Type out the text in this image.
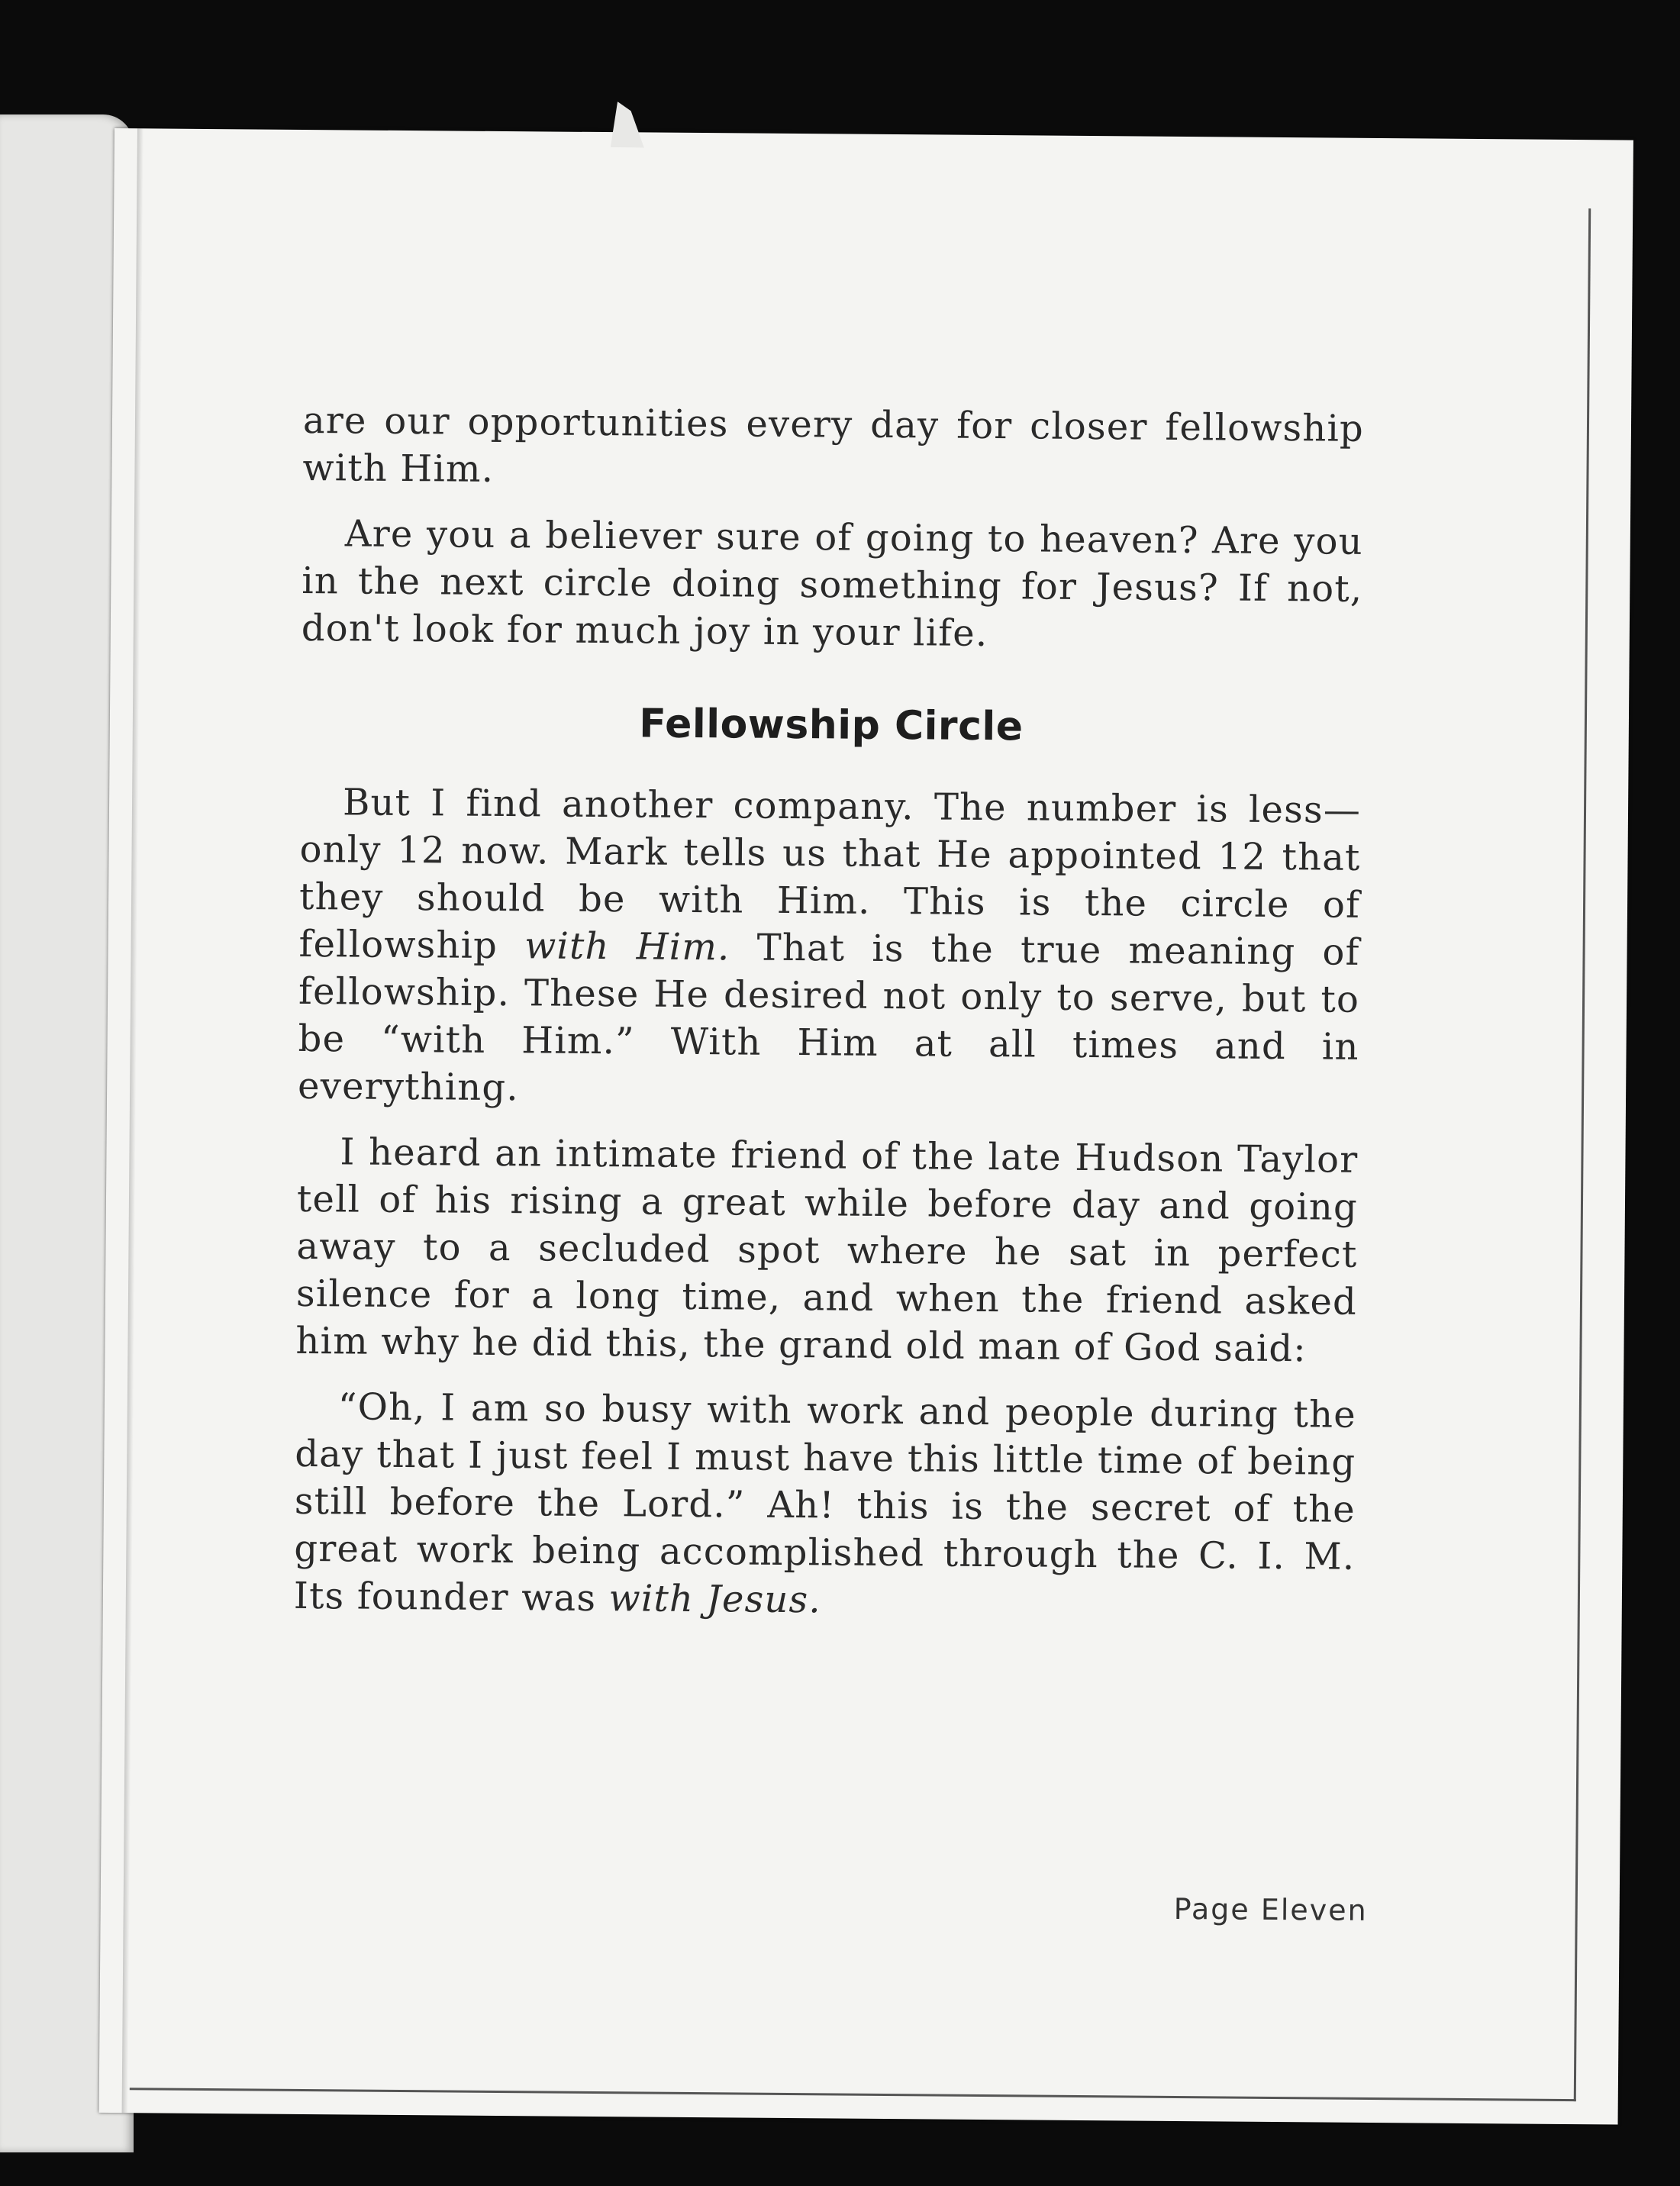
are our opportunities every day for closer fellowship with Him.

Are you a believer sure of going to heaven? Are you in the next circle doing something for Jesus? If not, don't look for much joy in your life.

Fellowship Circle

But I find another company. The number is less—only 12 now. Mark tells us that He appointed 12 that they should be with Him. This is the circle of fellowship with Him. That is the true meaning of fellowship. These He desired not only to serve, but to be “with Him.” With Him at all times and in everything.

I heard an intimate friend of the late Hudson Taylor tell of his rising a great while before day and going away to a secluded spot where he sat in perfect silence for a long time, and when the friend asked him why he did this, the grand old man of God said:

“Oh, I am so busy with work and people during the day that I just feel I must have this little time of being still before the Lord.” Ah! this is the secret of the great work being accomplished through the C. I. M. Its founder was with Jesus.

Page Eleven
